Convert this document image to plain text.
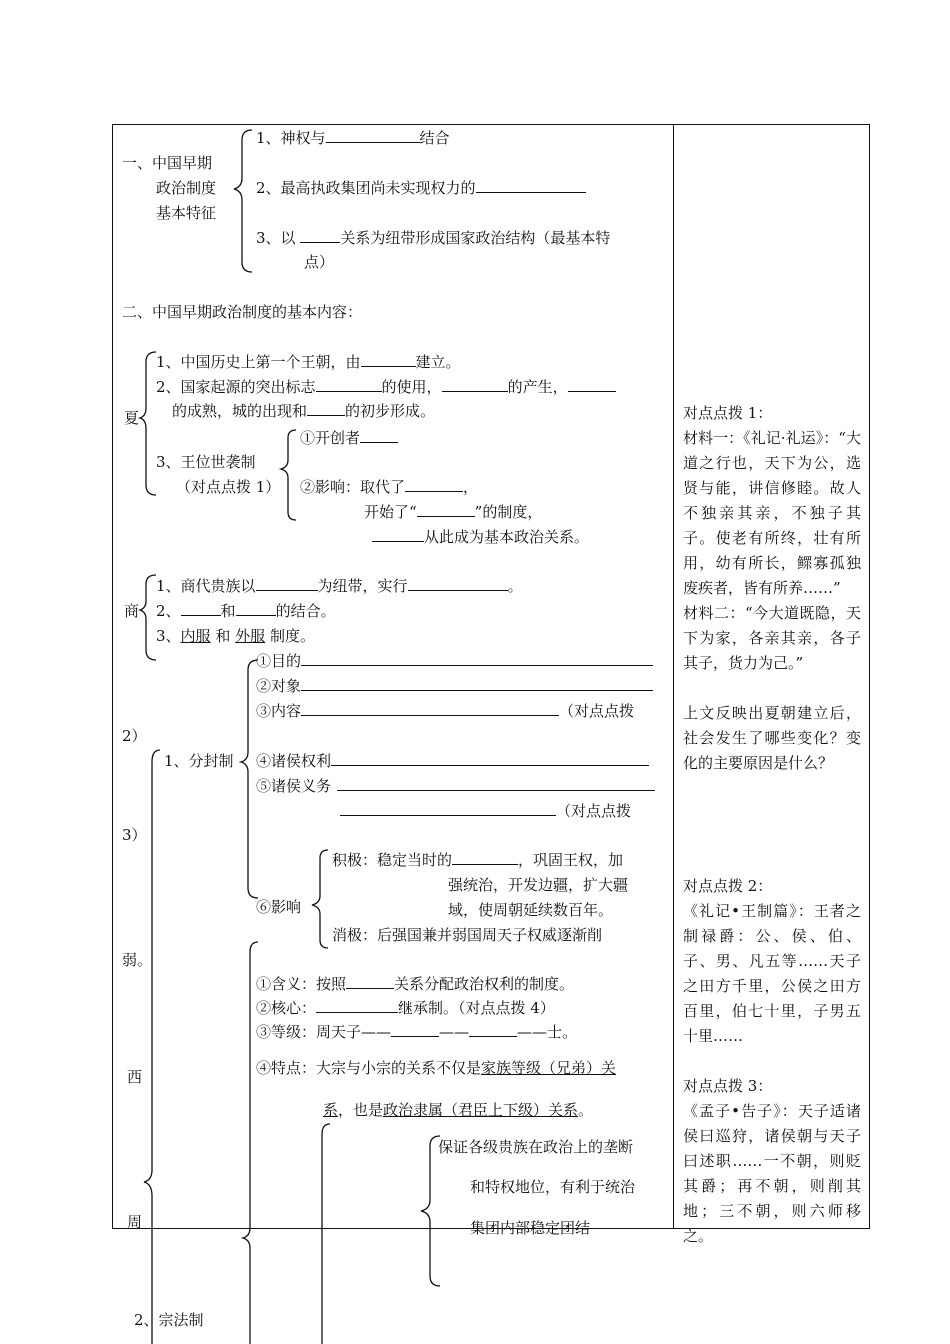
一、中国早期
政治制度
基本特征
1、神权与	结合
2、最高执政集团尚未实现权力的
3、以	关系为纽带形成国家政治结构（最基本特
点）
二、中国早期政治制度的基本内容：
夏
1、中国历史上第一个王朝，由	建立。
2、国家起源的突出标志	的使用，	的产生，
的成熟，城的出现和	的初步形成。
3、王位世袭制
（对点点拨 1）
①开创者
②影响：取代了	，
开始了“	”的制度，
从此成为基本政治关系。
商
1、商代贵族以	为纽带，实行	。
2、	和	的结合。
3、内服 和 外服 制度。
2）
3）
弱。
西
周
1、分封制
①目的
②对象
③内容	（对点点拨
④诸侯权利
⑤诸侯义务
（对点点拨
⑥影响
积极：稳定当时的	，巩固王权，加
强统治，开发边疆，扩大疆
域，使周朝延续数百年。
消极：后强国兼并弱国周天子权威逐渐削
①含义：按照	关系分配政治权利的制度。
②核心：	继承制。（对点点拨 4）
③等级：周天子——	——	——士。
④特点：大宗与小宗的关系不仅是家族等级（兄弟）关
系，也是政治隶属（君臣上下级）关系。
保证各级贵族在政治上的垄断
和特权地位，有利于统治
集团内部稳定团结
2、宗法制
对点点拨 1：
材料一：《礼记·礼运》：“大道之行也，天下为公，选贤与能，讲信修睦。故人不独亲其亲，不独子其子。使老有所终，壮有所用，幼有所长，鳏寡孤独废疾者，皆有所养……”
材料二：“今大道既隐，天下为家，各亲其亲，各子其子，货力为己。”
上文反映出夏朝建立后，社会发生了哪些变化？变化的主要原因是什么？
对点点拨 2：
《礼记•王制篇》：王者之制禄爵：公、侯、伯、子、男、凡五等……天子之田方千里，公侯之田方百里，伯七十里，子男五十里……
对点点拨 3：
《孟子•告子》：天子适诸侯曰巡狩，诸侯朝与天子曰述职……一不朝，则贬其爵；再不朝，则削其地；三不朝，则六师移之。
